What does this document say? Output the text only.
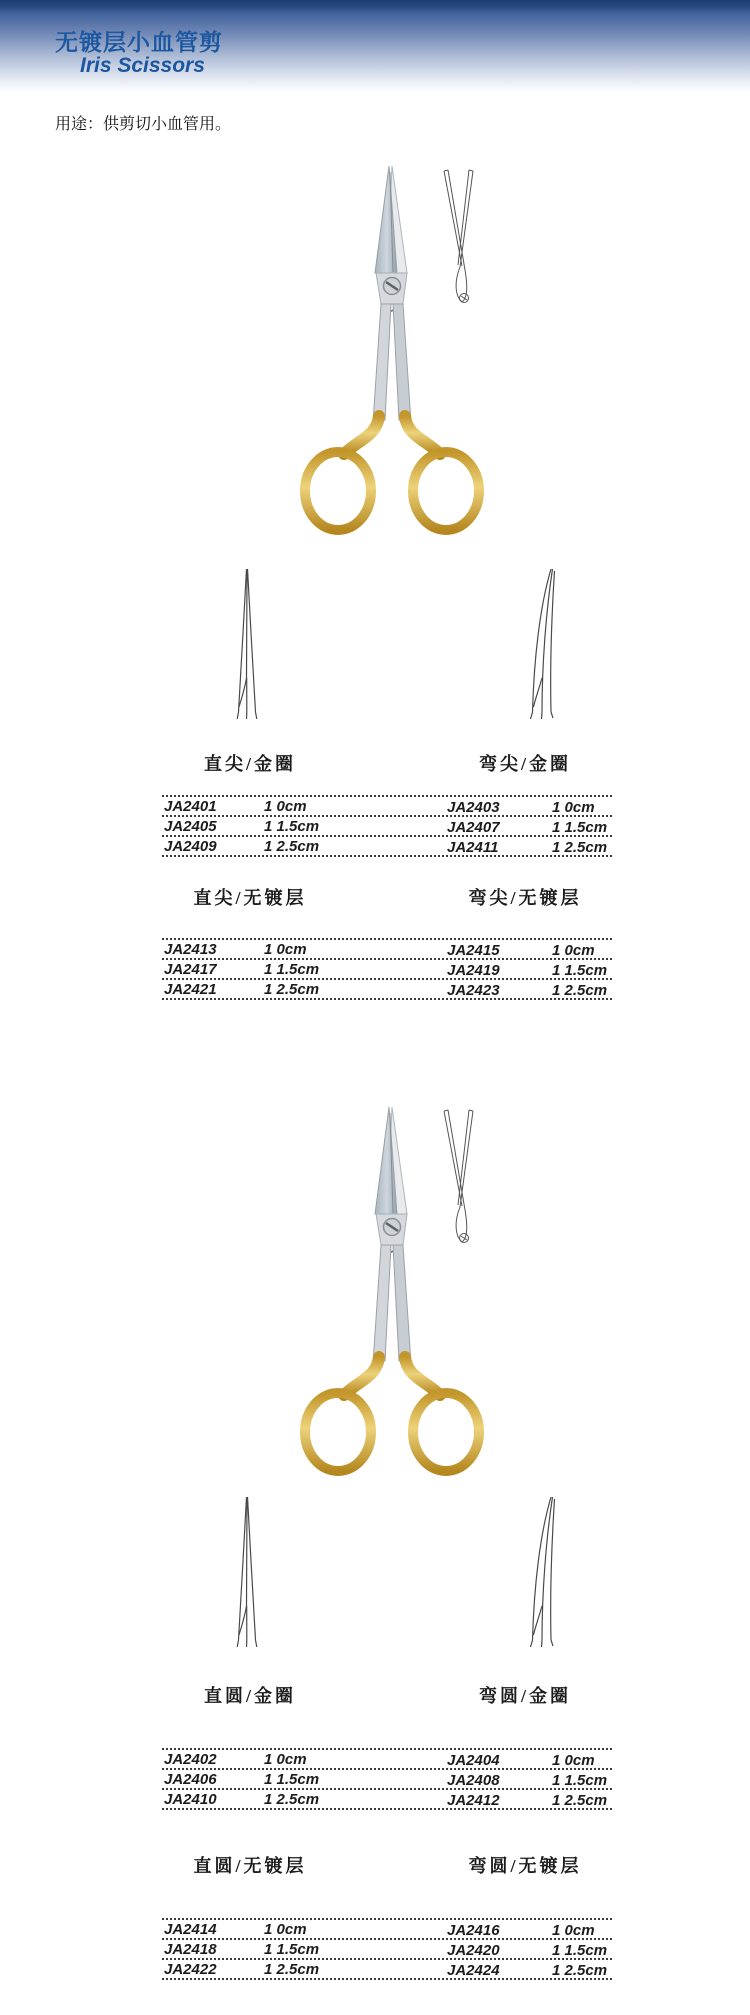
无镀层小血管剪
Iris Scissors
用途：供剪切小血管用。
直尖/金圈	弯尖/金圈
JA2401	1 0cm	JA2403	1 0cm
JA2405	1 1.5cm	JA2407	1 1.5cm
JA2409	1 2.5cm	JA2411	1 2.5cm
直尖/无镀层	弯尖/无镀层
JA2413	1 0cm	JA2415	1 0cm
JA2417	1 1.5cm	JA2419	1 1.5cm
JA2421	1 2.5cm	JA2423	1 2.5cm
直圆/金圈	弯圆/金圈
JA2402	1 0cm	JA2404	1 0cm
JA2406	1 1.5cm	JA2408	1 1.5cm
JA2410	1 2.5cm	JA2412	1 2.5cm
直圆/无镀层	弯圆/无镀层
JA2414	1 0cm	JA2416	1 0cm
JA2418	1 1.5cm	JA2420	1 1.5cm
JA2422	1 2.5cm	JA2424	1 2.5cm
